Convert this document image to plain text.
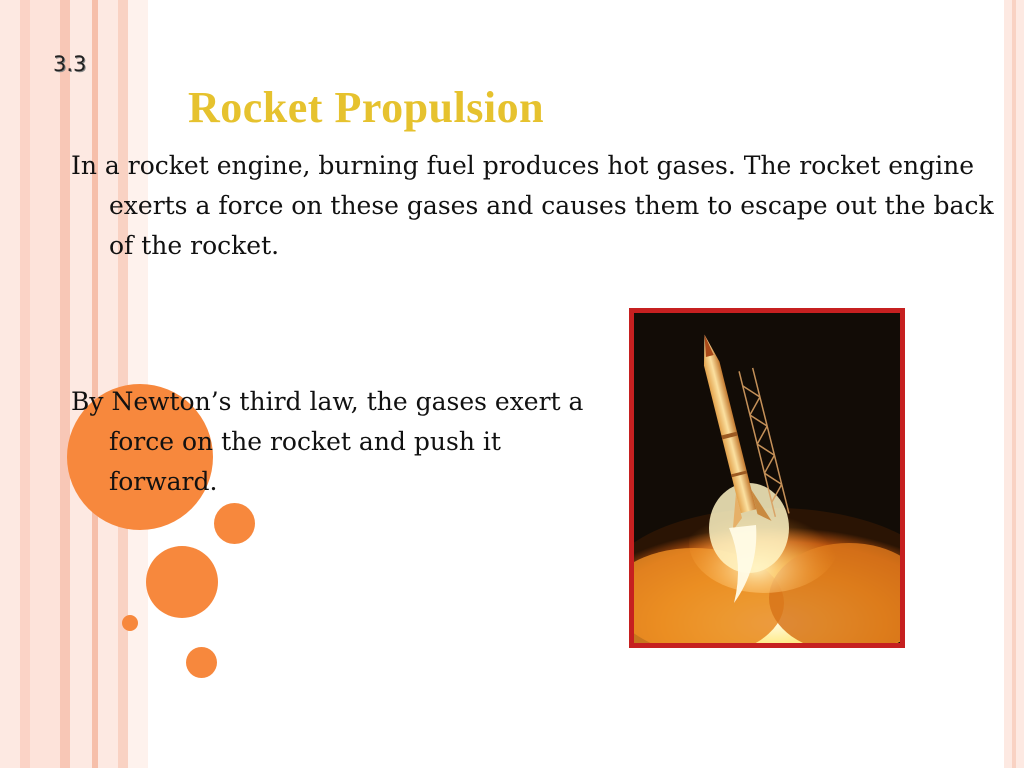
3.3
Rocket Propulsion

In a rocket engine, burning fuel produces hot gases. The rocket engine exerts a force on these gases and causes them to escape out the back of the rocket.

By Newton’s third law, the gases exert a force on the rocket and push it forward.
